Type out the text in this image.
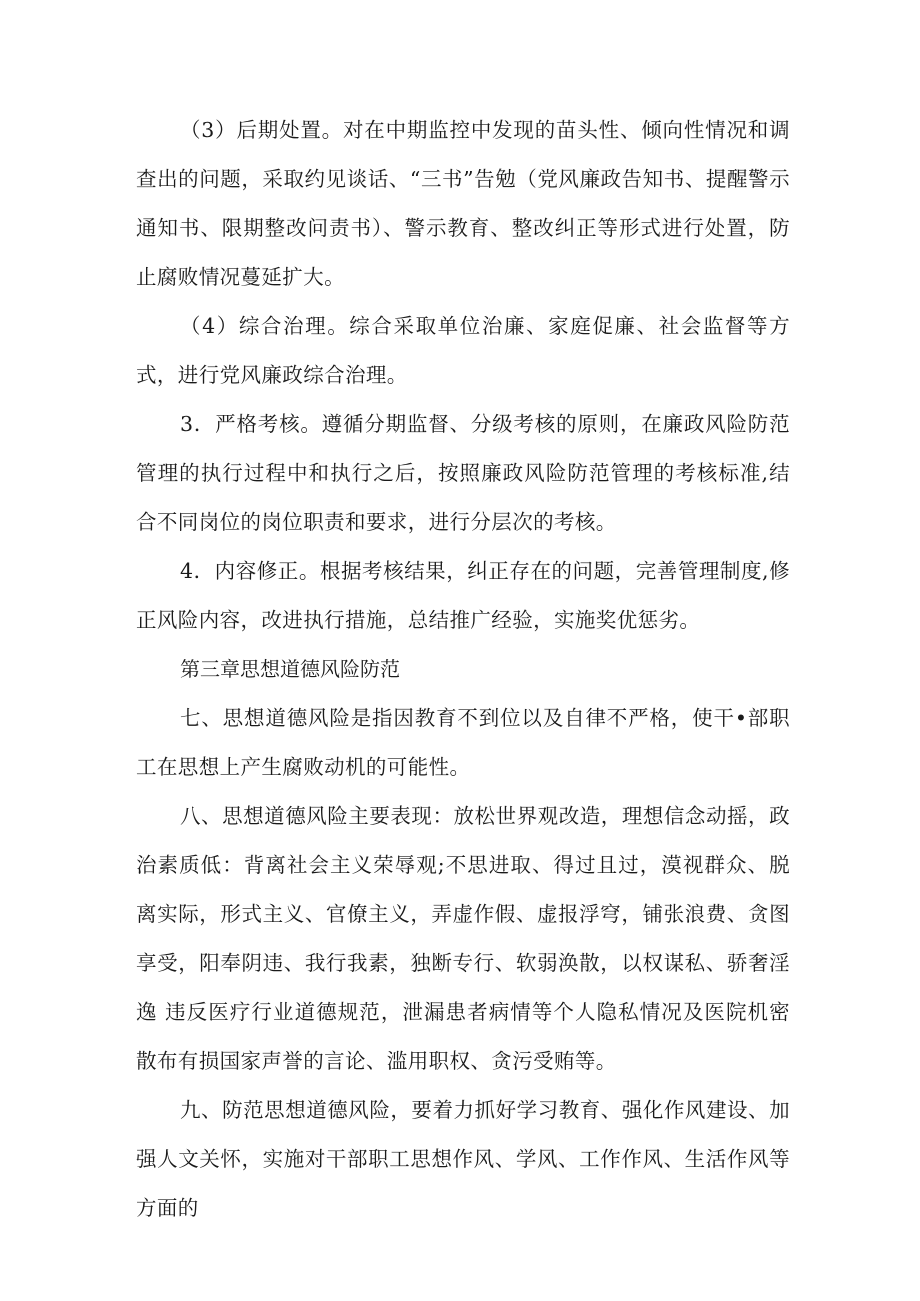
（3）后期处置。对在中期监控中发现的苗头性、倾向性情况和调查出的问题，采取约见谈话、“三书”告勉（党风廉政告知书、提醒警示通知书、限期整改问责书）、警示教育、整改纠正等形式进行处置，防止腐败情况蔓延扩大。

（4）综合治理。综合采取单位治廉、家庭促廉、社会监督等方式，进行党风廉政综合治理。

3．严格考核。遵循分期监督、分级考核的原则，在廉政风险防范管理的执行过程中和执行之后，按照廉政风险防范管理的考核标准,结合不同岗位的岗位职责和要求，进行分层次的考核。

4．内容修正。根据考核结果，纠正存在的问题，完善管理制度,修正风险内容，改进执行措施，总结推广经验，实施奖优惩劣。

第三章思想道德风险防范

七、思想道德风险是指因教育不到位以及自律不严格，使干•部职工在思想上产生腐败动机的可能性。

八、思想道德风险主要表现：放松世界观改造，理想信念动摇，政治素质低：背离社会主义荣辱观;不思进取、得过且过，漠视群众、脱离实际，形式主义、官僚主义，弄虚作假、虚报浮穹，铺张浪费、贪图享受，阳奉阴违、我行我素，独断专行、软弱涣散，以权谋私、骄奢淫逸 违反医疗行业道德规范，泄漏患者病情等个人隐私情况及医院机密 散布有损国家声誉的言论、滥用职权、贪污受贿等。

九、防范思想道德风险，要着力抓好学习教育、强化作风建设、加强人文关怀，实施对干部职工思想作风、学风、工作作风、生活作风等方面的
